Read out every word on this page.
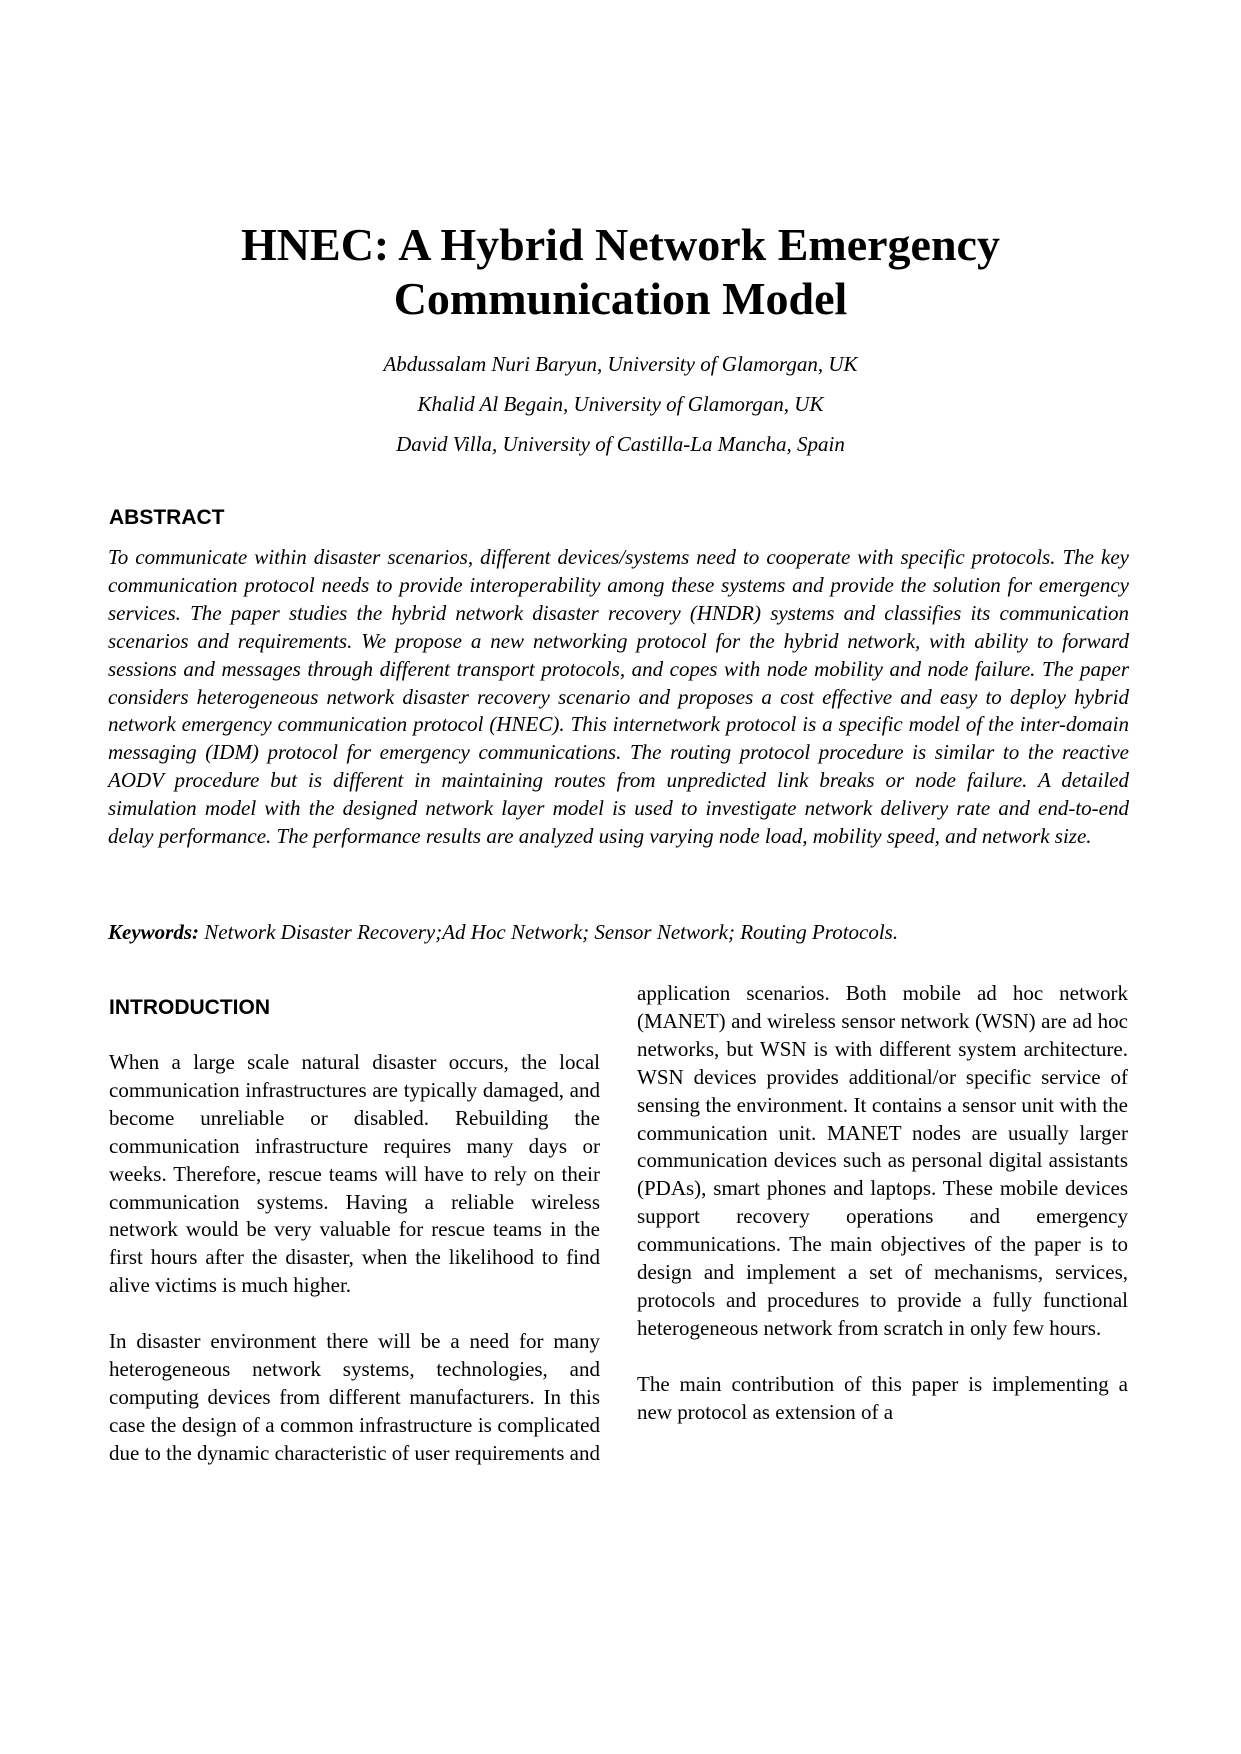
HNEC: A Hybrid Network Emergency Communication Model
Abdussalam Nuri Baryun, University of Glamorgan, UK
Khalid Al Begain, University of Glamorgan, UK
David Villa, University of Castilla-La Mancha, Spain
ABSTRACT

To communicate within disaster scenarios, different devices/systems need to cooperate with specific protocols. The key communication protocol needs to provide interoperability among these systems and provide the solution for emergency services. The paper studies the hybrid network disaster recovery (HNDR) systems and classifies its communication scenarios and requirements. We propose a new networking protocol for the hybrid network, with ability to forward sessions and messages through different transport protocols, and copes with node mobility and node failure. The paper considers heterogeneous network disaster recovery scenario and proposes a cost effective and easy to deploy hybrid network emergency communication protocol (HNEC). This internetwork protocol is a specific model of the inter-domain messaging (IDM) protocol for emergency communications. The routing protocol procedure is similar to the reactive AODV procedure but is different in maintaining routes from unpredicted link breaks or node failure. A detailed simulation model with the designed network layer model is used to investigate network delivery rate and end-to-end delay performance. The performance results are analyzed using varying node load, mobility speed, and network size.

Keywords: Network Disaster Recovery;Ad Hoc Network; Sensor Network; Routing Protocols.

INTRODUCTION

When a large scale natural disaster occurs, the local communication infrastructures are typically damaged, and become unreliable or disabled. Rebuilding the communication infrastructure requires many days or weeks. Therefore, rescue teams will have to rely on their communication systems. Having a reliable wireless network would be very valuable for rescue teams in the first hours after the disaster, when the likelihood to find alive victims is much higher.

In disaster environment there will be a need for many heterogeneous network systems, technologies, and computing devices from different manufacturers. In this case the design of a common infrastructure is complicated due to the dynamic characteristic of user requirements and

application scenarios. Both mobile ad hoc network (MANET) and wireless sensor network (WSN) are ad hoc networks, but WSN is with different system architecture. WSN devices provides additional/or specific service of sensing the environment. It contains a sensor unit with the communication unit. MANET nodes are usually larger communication devices such as personal digital assistants (PDAs), smart phones and laptops. These mobile devices support recovery operations and emergency communications. The main objectives of the paper is to design and implement a set of mechanisms, services, protocols and procedures to provide a fully functional heterogeneous network from scratch in only few hours.

The main contribution of this paper is implementing a new protocol as extension of a
